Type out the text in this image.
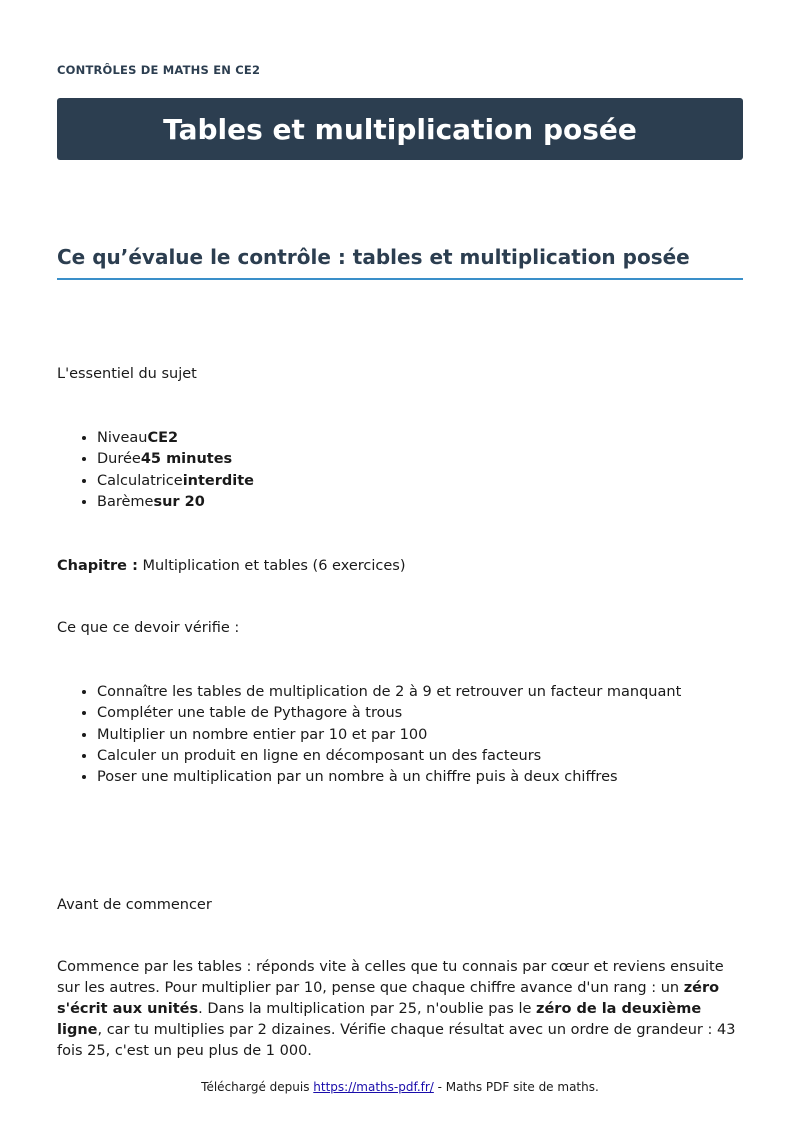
CONTRÔLES DE MATHS EN CE2
Tables et multiplication posée
Ce qu’évalue le contrôle : tables et multiplication posée

L'essentiel du sujet

• NiveauCE2
• Durée45 minutes
• Calculatriceinterdite
• Barèmesur 20

Chapitre : Multiplication et tables (6 exercices)

Ce que ce devoir vérifie :

• Connaître les tables de multiplication de 2 à 9 et retrouver un facteur manquant
• Compléter une table de Pythagore à trous
• Multiplier un nombre entier par 10 et par 100
• Calculer un produit en ligne en décomposant un des facteurs
• Poser une multiplication par un nombre à un chiffre puis à deux chiffres

Avant de commencer

Commence par les tables : réponds vite à celles que tu connais par cœur et reviens ensuite sur les autres. Pour multiplier par 10, pense que chaque chiffre avance d'un rang : un zéro s'écrit aux unités. Dans la multiplication par 25, n'oublie pas le zéro de la deuxième ligne, car tu multiplies par 2 dizaines. Vérifie chaque résultat avec un ordre de grandeur : 43 fois 25, c'est un peu plus de 1 000.

Téléchargé depuis https://maths-pdf.fr/ - Maths PDF site de maths.
